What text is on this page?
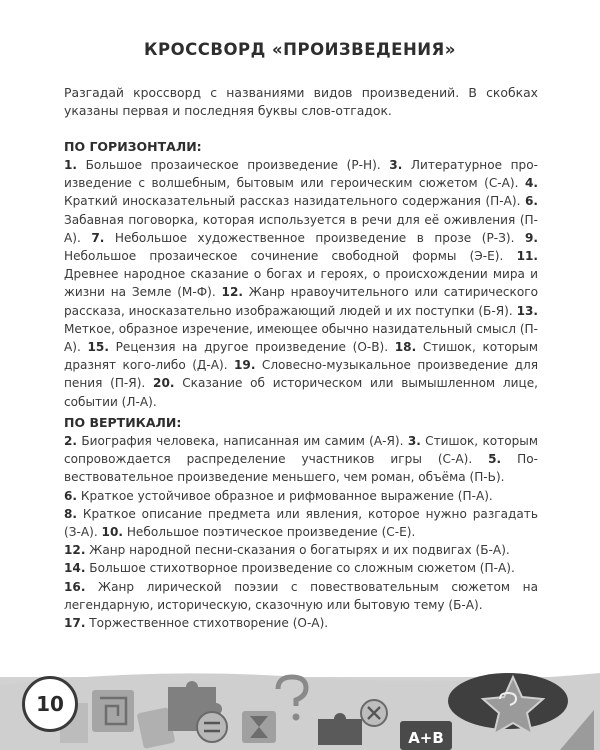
КРОССВОРД «ПРОИЗВЕДЕНИЯ»
Разгадай кроссворд с названиями видов произведений. В скобках указаны первая и последняя буквы слов-отгадок.
ПО ГОРИЗОНТАЛИ:
1. Большое прозаическое произведение (Р-Н). 3. Литературное произведение с волшебным, бытовым или героическим сюжетом (С-А). 4. Краткий иносказательный рассказ назидательного содержания (П-А). 6. Забавная поговорка, которая используется в речи для её оживления (П-А). 7. Небольшое художественное произведение в прозе (Р-З). 9. Небольшое прозаическое сочинение свободной формы (Э-Е). 11. Древнее народное сказание о богах и героях, о происхождении мира и жизни на Земле (М-Ф). 12. Жанр нравоучительного или сатирического рассказа, иносказательно изображающий людей и их поступки (Б-Я). 13. Меткое, образное изречение, имеющее обычно назидательный смысл (П-А). 15. Рецензия на другое произведение (О-В). 18. Стишок, которым дразнят кого-либо (Д-А). 19. Словесно-музыкальное произведение для пения (П-Я). 20. Сказание об историческом или вымышленном лице, событии (Л-А).
ПО ВЕРТИКАЛИ:
2. Биография человека, написанная им самим (А-Я). 3. Стишок, которым сопровождается распределение участников игры (С-А). 5. Повествовательное произведение меньшего, чем роман, объёма (П-Ь).
6. Краткое устойчивое образное и рифмованное выражение (П-А).
8. Краткое описание предмета или явления, которое нужно разгадать (З-А). 10. Небольшое поэтическое произведение (С-Е).
12. Жанр народной песни-сказания о богатырях и их подвигах (Б-А).
14. Большое стихотворное произведение со сложным сюжетом (П-А).
16. Жанр лирической поэзии с повествовательным сюжетом на легендарную, историческую, сказочную или бытовую тему (Б-А).
17. Торжественное стихотворение (О-А).
A+B
10
